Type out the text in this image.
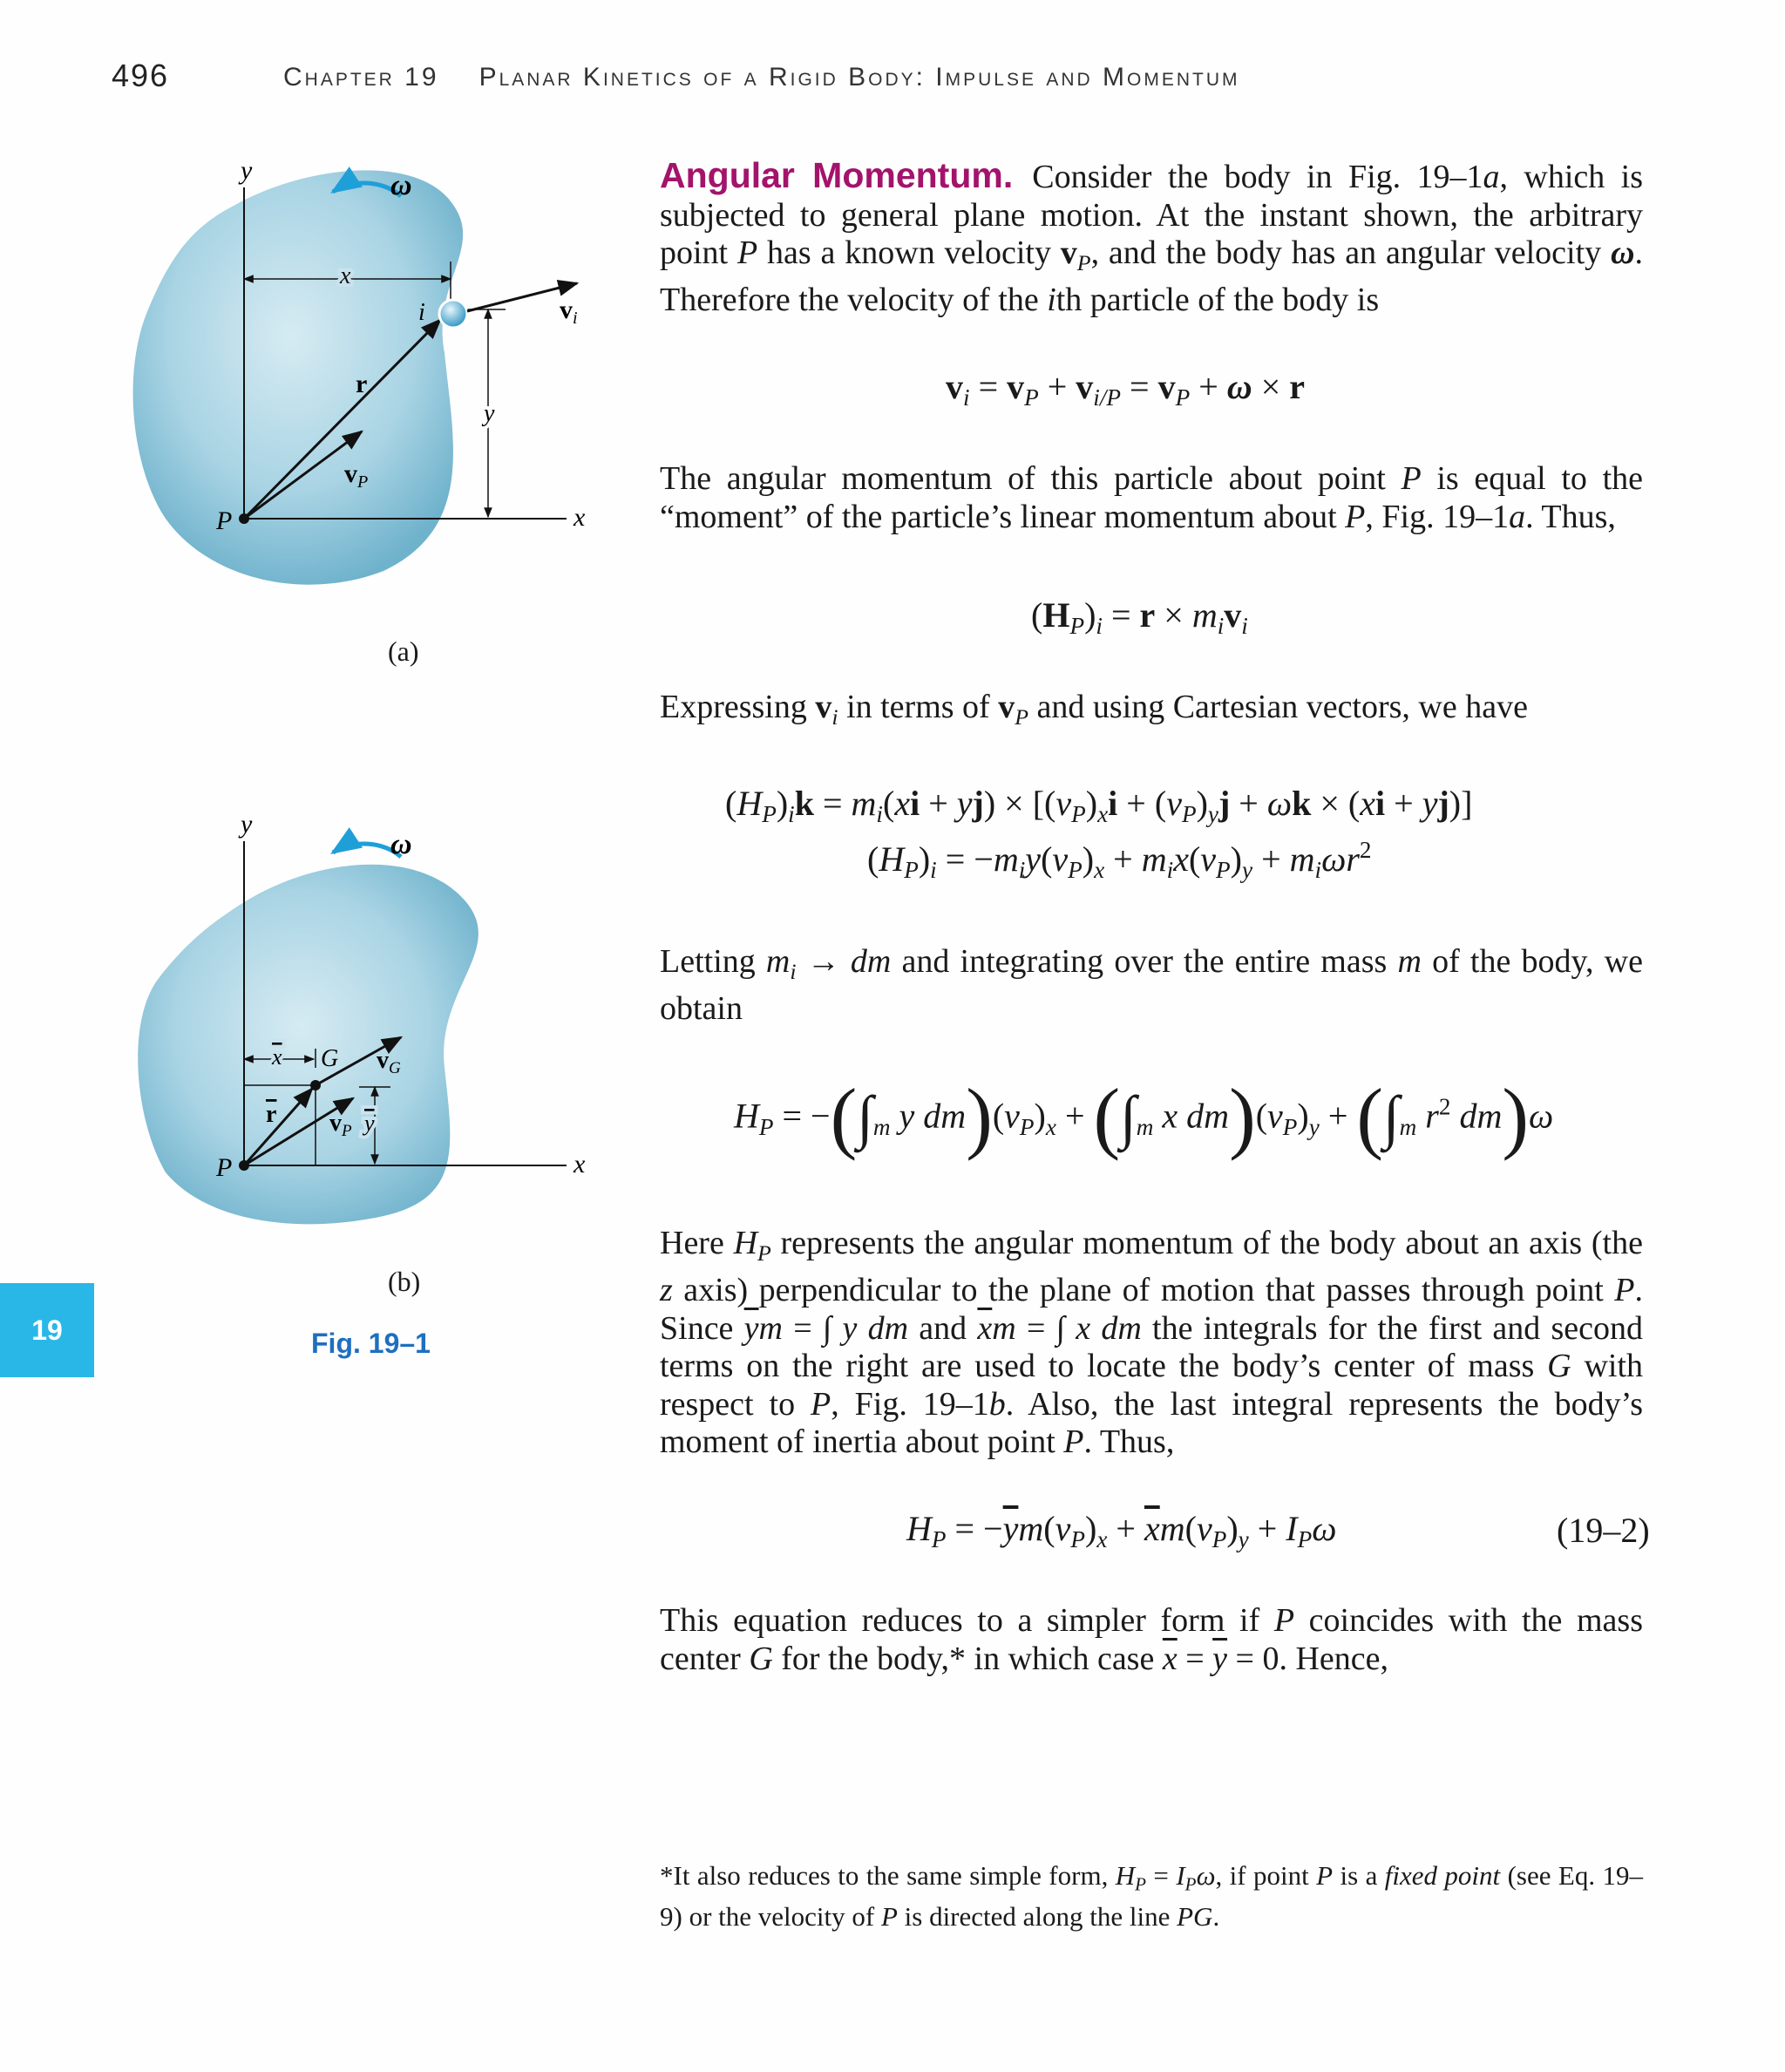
496	Chapter 19 Planar Kinetics of a Rigid Body: Impulse and Momentum
ω
y
x
P
x
y
r
$v_P$
i	$v_i$
(a)
ω
y
x
P
x G
y
r $v_P$
$v_G$
(b)
Fig. 19–1
19
Angular Momentum. Consider the body in Fig. 19–1a, which is subjected to general plane motion. At the instant shown, the arbitrary point P has a known velocity $v_P$, and the body has an angular velocity ω. Therefore the velocity of the ith particle of the body is
$v_i = v_P + v_{i/P} = v_P + \omega \times r$
The angular momentum of this particle about point P is equal to the “moment” of the particle’s linear momentum about P, Fig. 19–1a. Thus,
$(H_P)_i = r \times m_iv_i$
Expressing $v_i$ in terms of $v_P$ and using Cartesian vectors, we have
$(H_P)_ik = m_i(xi + yj) \times [(v_P)_xi + (v_P)_yj + \omega k \times (xi + yj)]$
$(H_P)_i = -m_iy(v_P)_x + m_ix(v_P)_y + m_i\omega r^2$
Letting $m_i$ → dm and integrating over the entire mass m of the body, we obtain
$H_P = -(\int_m$ y $dm)(v_P)_x + (\int_m$ x $dm)(v_P)_y + (\int_m$ $r^2$ dm)ω
Here $H_P$ represents the angular momentum of the body about an axis (the z axis) perpendicular to the plane of motion that passes through point P. Since $\overline{y}m$ = ∫ y dm and $\overline{x}m$ = ∫ x dm the integrals for the first and second terms on the right are used to locate the body’s center of mass G with respect to P, Fig. 19–1b. Also, the last integral represents the body’s moment of inertia about point P. Thus,
$H_P = -\overline{y}m(v_P)_x + \overline{x}m(v_P)_y + I_P\omega$	(19–2)
This equation reduces to a simpler form if P coincides with the mass center G for the body,* in which case $\overline{x} = \overline{y} = 0$. Hence,
*It also reduces to the same simple form, $H_P = I_P\omega$, if point P is a fixed point (see Eq. 19–9) or the velocity of P is directed along the line PG.
